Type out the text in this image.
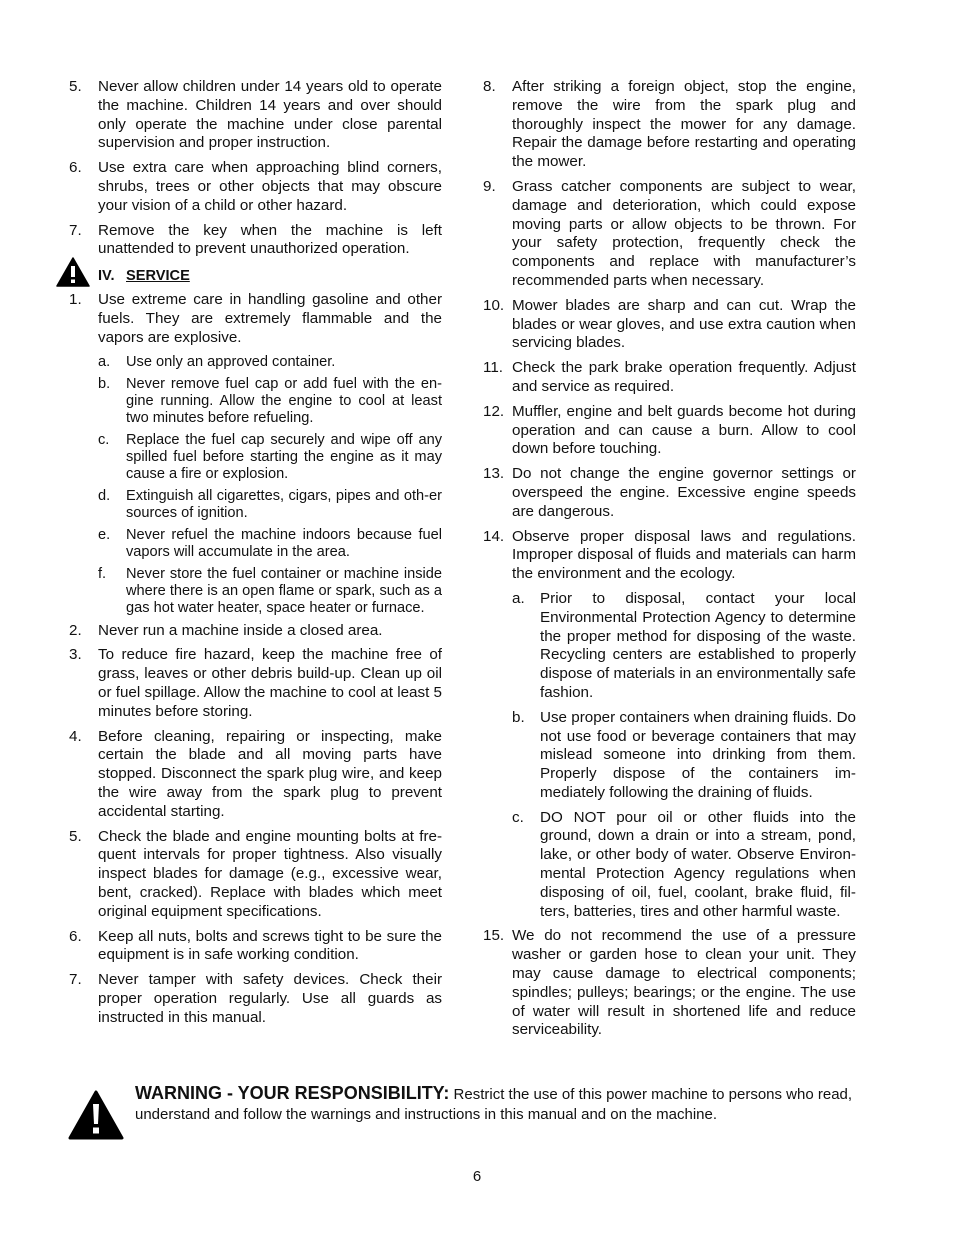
5.	Never allow children under 14 years old to operate the machine. Children 14 years and over should only operate the machine under close parental supervision and proper instruction.
6.	Use extra care when approaching blind corners, shrubs, trees or other objects that may obscure your vision of a child or other hazard.
7.	Remove the key when the machine is left unattended to prevent unauthorized operation.
IV. SERVICE
1.	Use extreme care in handling gasoline and other fuels. They are extremely flammable and the vapors are explosive.
a.	Use only an approved container.
b.	Never remove fuel cap or add fuel with the en-gine running. Allow the engine to cool at least two minutes before refueling.
c.	Replace the fuel cap securely and wipe off any spilled fuel before starting the engine as it may cause a fire or explosion.
d.	Extinguish all cigarettes, cigars, pipes and oth-er sources of ignition.
e.	Never refuel the machine indoors because fuel vapors will accumulate in the area.
f.	Never store the fuel container or machine inside where there is an open flame or spark, such as a gas hot water heater, space heater or furnace.
2.	Never run a machine inside a closed area.
3.	To reduce fire hazard, keep the machine free of grass, leaves or other debris build-up. Clean up oil or fuel spillage. Allow the machine to cool at least 5 minutes before storing.
4.	Before cleaning, repairing or inspecting, make certain the blade and all moving parts have stopped. Disconnect the spark plug wire, and keep the wire away from the spark plug to prevent accidental starting.
5.	Check the blade and engine mounting bolts at fre-quent intervals for proper tightness. Also visually inspect blades for damage (e.g., excessive wear, bent, cracked). Replace with blades which meet original equipment specifications.
6.	Keep all nuts, bolts and screws tight to be sure the equipment is in safe working condition.
7.	Never tamper with safety devices. Check their proper operation regularly. Use all guards as instructed in this manual.
8.	After striking a foreign object, stop the engine, remove the wire from the spark plug and thoroughly inspect the mower for any damage. Repair the damage before restarting and operating the mower.
9.	Grass catcher components are subject to wear, damage and deterioration, which could expose moving parts or allow objects to be thrown. For your safety protection, frequently check the components and replace with manufacturer’s recommended parts when necessary.
10. Mower blades are sharp and can cut. Wrap the blades or wear gloves, and use extra caution when servicing blades.
11. Check the park brake operation frequently. Adjust and service as required.
12. Muffler, engine and belt guards become hot during operation and can cause a burn. Allow to cool down before touching.
13. Do not change the engine governor settings or overspeed the engine. Excessive engine speeds are dangerous.
14. Observe proper disposal laws and regulations. Improper disposal of fluids and materials can harm the environment and the ecology.
a.	Prior to disposal, contact your local Environmental Protection Agency to determine the proper method for disposing of the waste. Recycling centers are established to properly dispose of materials in an environmentally safe fashion.
b.	Use proper containers when draining fluids. Do not use food or beverage containers that may mislead someone into drinking from them. Properly dispose of the containers im-mediately following the draining of fluids.
c.	DO NOT pour oil or other fluids into the ground, down a drain or into a stream, pond, lake, or other body of water. Observe Environ-mental Protection Agency regulations when disposing of oil, fuel, coolant, brake fluid, fil-ters, batteries, tires and other harmful waste.
15. We do not recommend the use of a pressure washer or garden hose to clean your unit. They may cause damage to electrical components; spindles; pulleys; bearings; or the engine. The use of water will result in shortened life and reduce serviceability.
WARNING - YOUR RESPONSIBILITY: Restrict the use of this power machine to persons who read, understand and follow the warnings and instructions in this manual and on the machine.
6
